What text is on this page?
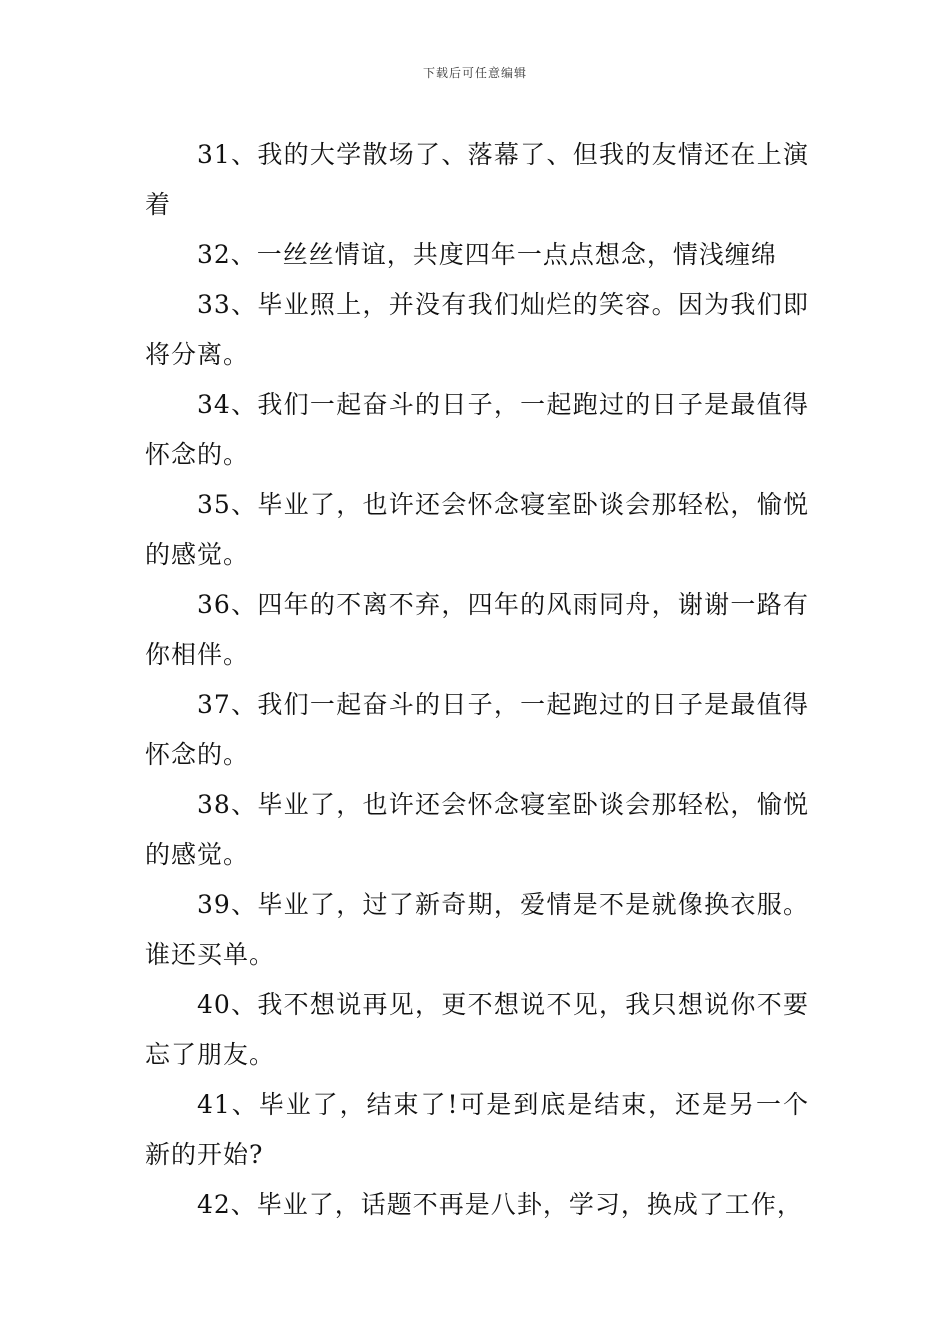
下载后可任意编辑

31、我的大学散场了、落幕了、但我的友情还在上演着

32、一丝丝情谊，共度四年一点点想念，情浅缠绵

33、毕业照上，并没有我们灿烂的笑容。因为我们即将分离。

34、我们一起奋斗的日子，一起跑过的日子是最值得怀念的。

35、毕业了，也许还会怀念寝室卧谈会那轻松，愉悦的感觉。

36、四年的不离不弃，四年的风雨同舟，谢谢一路有你相伴。

37、我们一起奋斗的日子，一起跑过的日子是最值得怀念的。

38、毕业了，也许还会怀念寝室卧谈会那轻松，愉悦的感觉。

39、毕业了，过了新奇期，爱情是不是就像换衣服。谁还买单。

40、我不想说再见，更不想说不见，我只想说你不要忘了朋友。

41、毕业了，结束了!可是到底是结束，还是另一个新的开始?

42、毕业了，话题不再是八卦，学习，换成了工作，
